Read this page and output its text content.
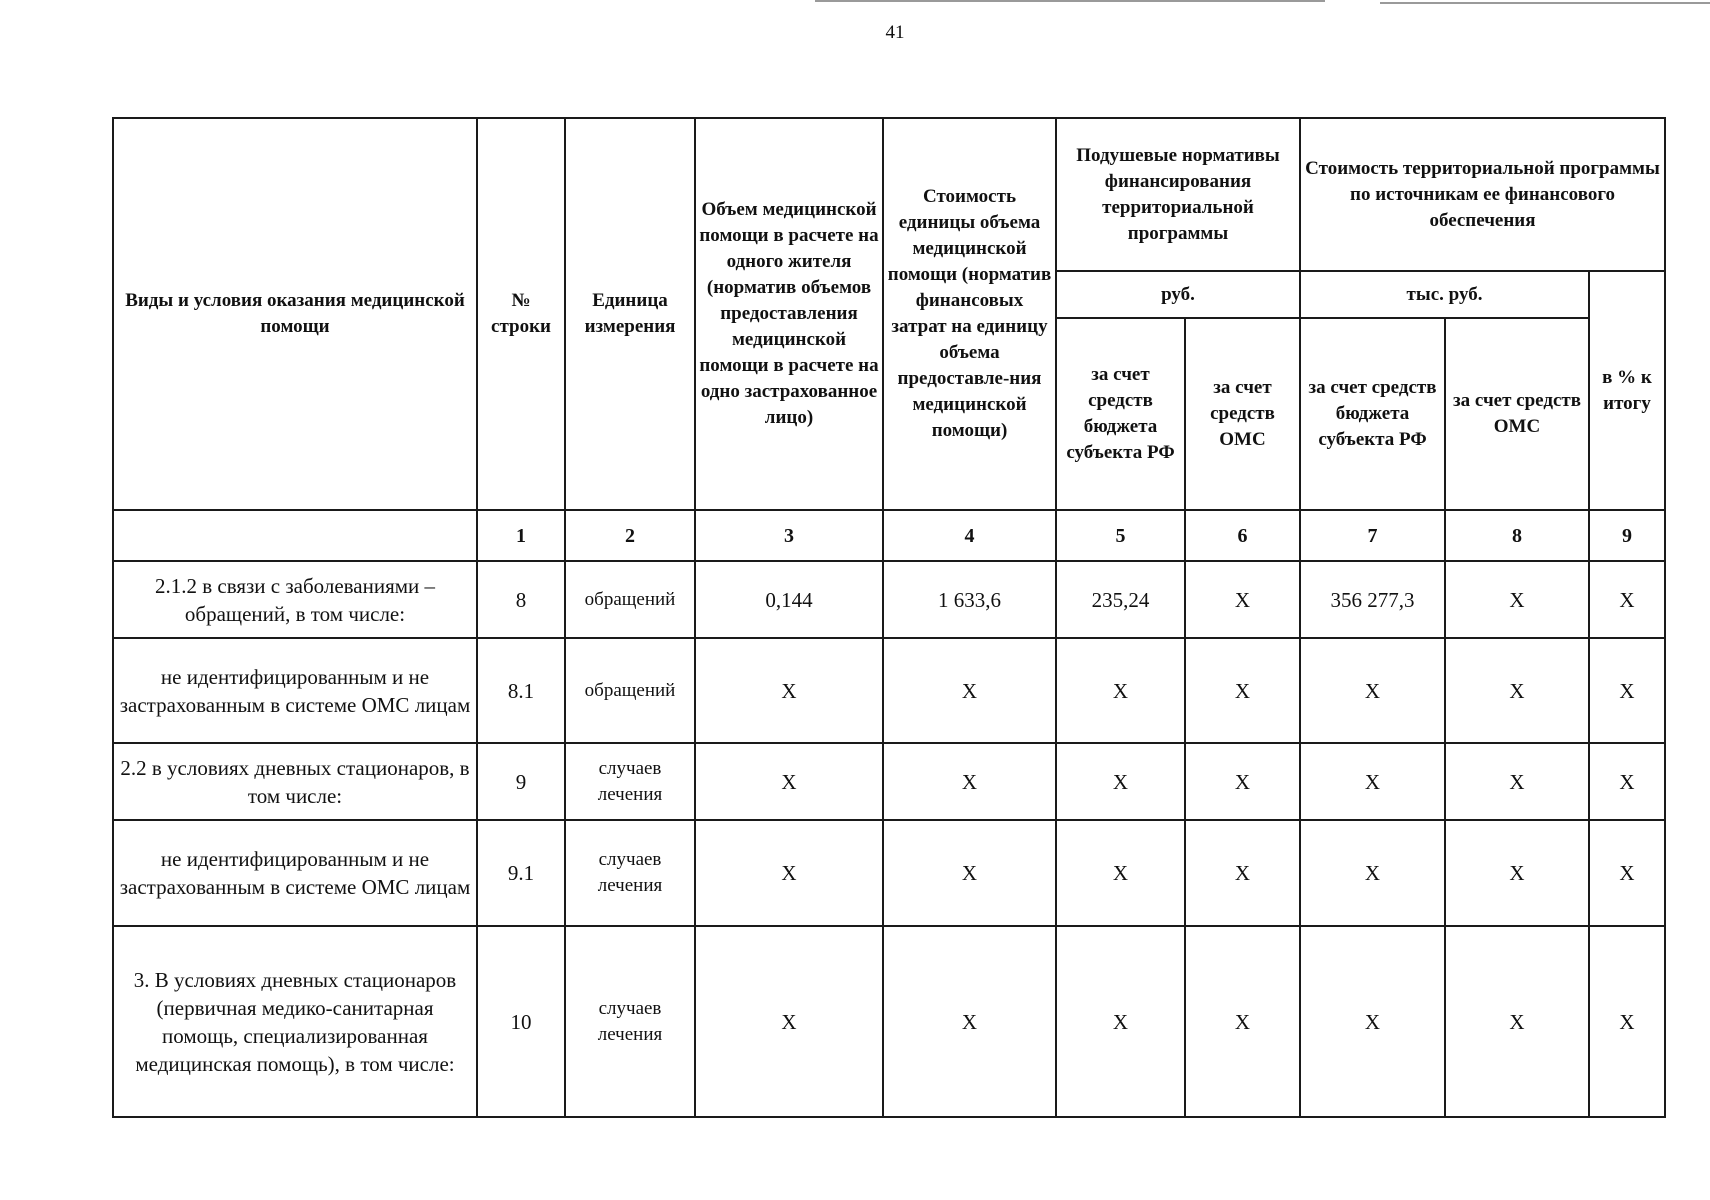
41
Виды и условия оказания медицинской помощи	№ строки	Единица измерения	Объем медицинской помощи в расчете на одного жителя (норматив объемов предоставления медицинской помощи в расчете на одно застрахованное лицо)	Стоимость единицы объема медицинской помощи (норматив финансовых затрат на единицу объема предоставле-ния медицинской помощи)	Подушевые нормативы финансирования территориальной программы		Стоимость территориальной программы по источникам ее финансового обеспечения		
					руб.		тыс. руб.		в % к итогу
					за счет средств бюджета субъекта РФ	за счет средств ОМС	за счет средств бюджета субъекта РФ	за счет средств ОМС	
	1	2	3	4	5	6	7	8	9
2.1.2 в связи с заболеваниями – обращений, в том числе:	8	обращений	0,144	1 633,6	235,24	X	356 277,3	X	X
не идентифицированным и не застрахованным в системе ОМС лицам	8.1	обращений	X	X	X	X	X	X	X
2.2 в условиях дневных стационаров, в том числе:	9	случаев лечения	X	X	X	X	X	X	X
не идентифицированным и не застрахованным в системе ОМС лицам	9.1	случаев лечения	X	X	X	X	X	X	X
3. В условиях дневных стационаров (первичная медико-санитарная помощь, специализированная медицинская помощь), в том числе:	10	случаев лечения	X	X	X	X	X	X	X
